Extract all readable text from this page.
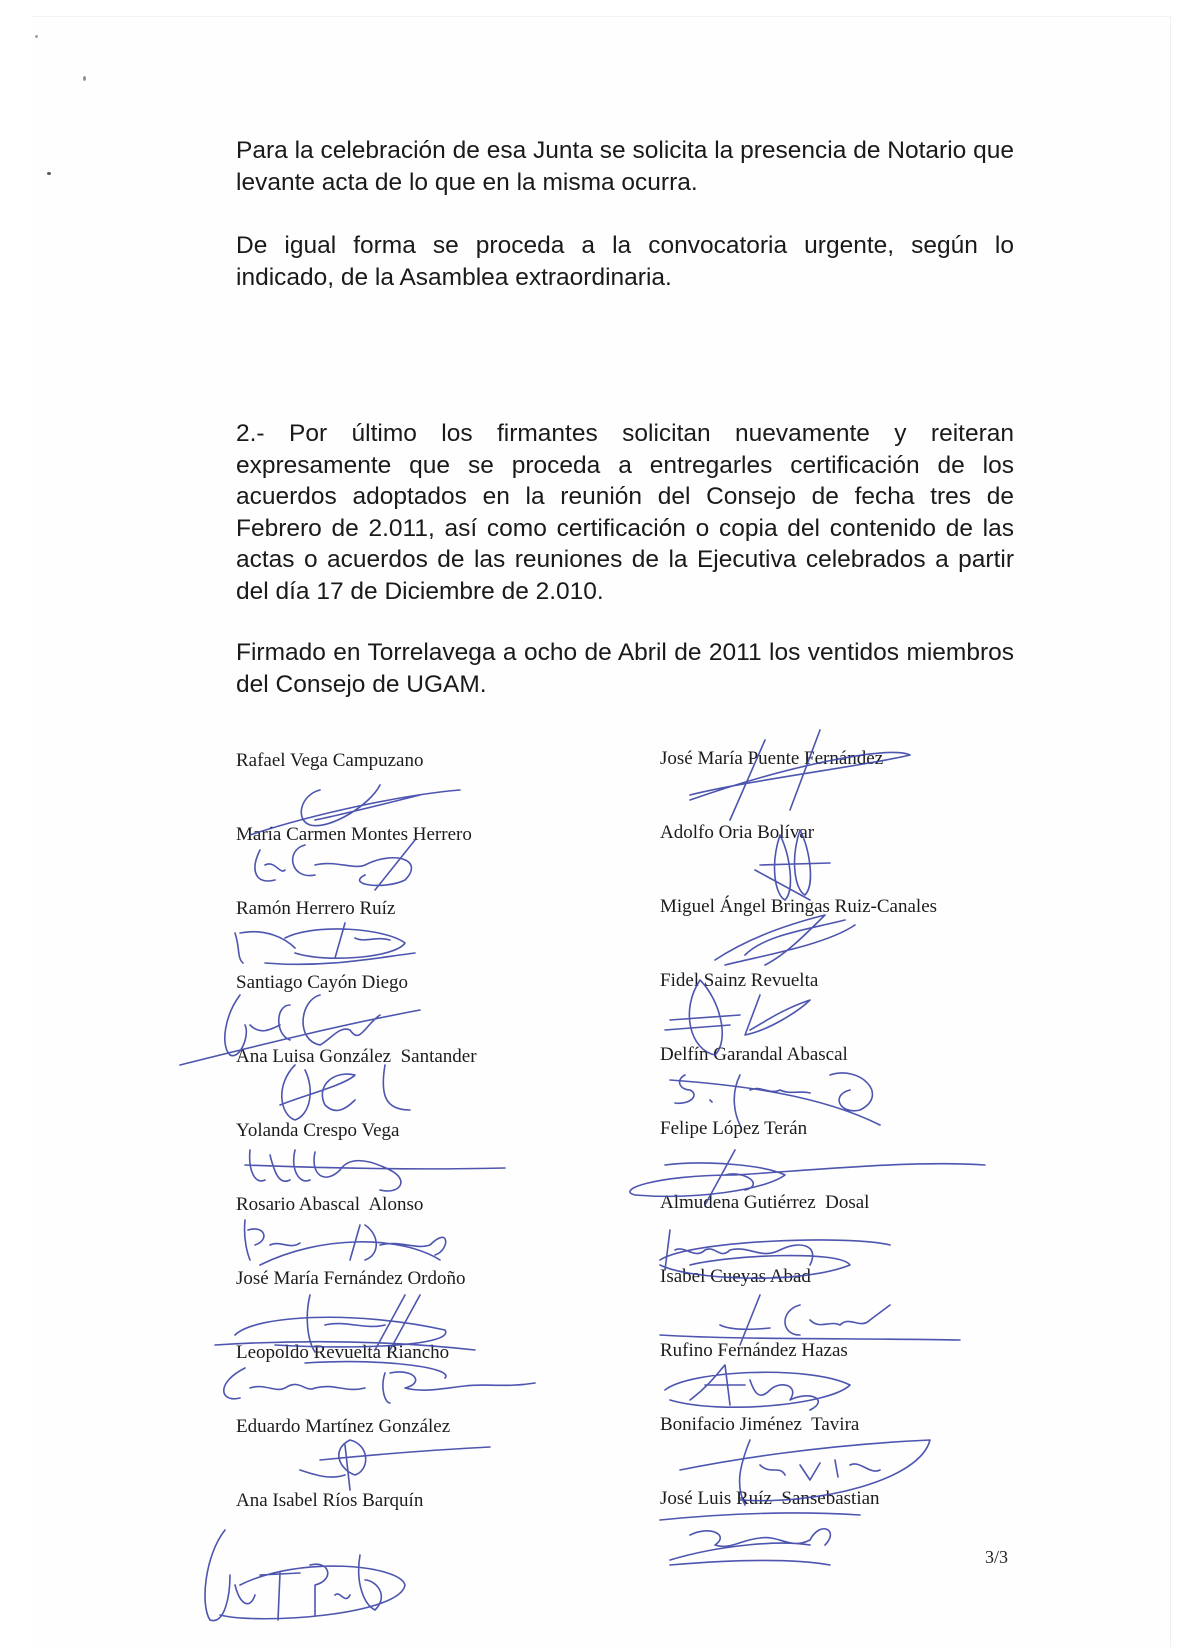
Para la celebración de esa Junta se solicita la presencia de Notario que levante acta de lo que en la misma ocurra.

De igual forma se proceda a la convocatoria urgente, según lo indicado, de la Asamblea extraordinaria.

2.- Por último los firmantes solicitan nuevamente y reiteran expresamente que se proceda a entregarles certificación de los acuerdos adoptados en la reunión del Consejo de fecha tres de Febrero de 2.011, así como certificación o copia del contenido de las actas o acuerdos de las reuniones de la Ejecutiva celebrados a partir del día 17 de Diciembre de 2.010.

Firmado en Torrelavega a ocho de Abril de 2011 los ventidos miembros del Consejo de UGAM.

Rafael Vega Campuzano
María Carmen Montes Herrero
Ramón Herrero Ruíz
Santiago Cayón Diego
Ana Luisa González  Santander
Yolanda Crespo Vega
Rosario Abascal  Alonso
José María Fernández Ordoño
Leopoldo Revuelta Riancho
Eduardo Martínez González
Ana Isabel Ríos Barquín
José María Puente Fernández
Adolfo Oria Bolívar
Miguel Ángel Bringas Ruiz-Canales
Fidel Sainz Revuelta
Delfín Garandal Abascal
Felipe López Terán
Almudena Gutiérrez  Dosal
Isabel Cueyas Abad
Rufino Fernández Hazas
Bonifacio Jiménez  Tavira
José Luis Ruíz  Sansebastian
3/3
